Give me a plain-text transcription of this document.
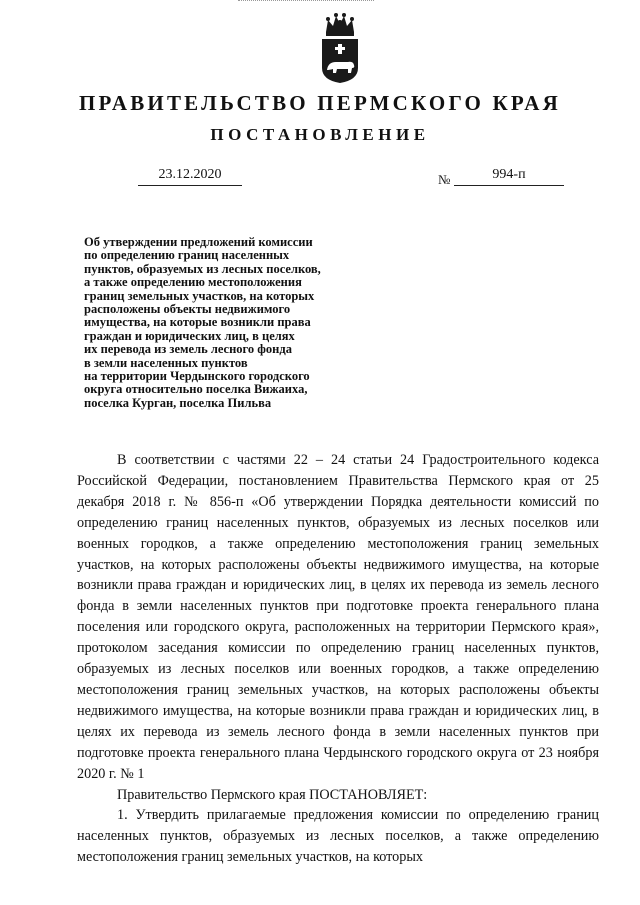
ПРАВИТЕЛЬСТВО ПЕРМСКОГО КРАЯ
ПОСТАНОВЛЕНИЕ
23.12.2020	№	994-п
Об утверждении предложений комиссии
по определению границ населенных
пунктов, образуемых из лесных поселков,
а также определению местоположения
границ земельных участков, на которых
расположены объекты недвижимого
имущества, на которые возникли права
граждан и юридических лиц, в целях
их перевода из земель лесного фонда
в земли населенных пунктов
на территории Чердынского городского
округа относительно поселка Вижаиха,
поселка Курган, поселка Пильва
В соответствии с частями 22 – 24 статьи 24 Градостроительного кодекса Российской Федерации, постановлением Правительства Пермского края от 25 декабря 2018 г. № 856-п «Об утверждении Порядка деятельности комиссий по определению границ населенных пунктов, образуемых из лесных поселков или военных городков, а также определению местоположения границ земельных участков, на которых расположены объекты недвижимого имущества, на которые возникли права граждан и юридических лиц, в целях их перевода из земель лесного фонда в земли населенных пунктов при подготовке проекта генерального плана поселения или городского округа, расположенных на территории Пермского края», протоколом заседания комиссии по определению границ населенных пунктов, образуемых из лесных поселков или военных городков, а также определению местоположения границ земельных участков, на которых расположены объекты недвижимого имущества, на которые возникли права граждан и юридических лиц, в целях их перевода из земель лесного фонда в земли населенных пунктов при подготовке проекта генерального плана Чердынского городского округа от 23 ноября 2020 г. № 1
Правительство Пермского края ПОСТАНОВЛЯЕТ:
1. Утвердить прилагаемые предложения комиссии по определению границ населенных пунктов, образуемых из лесных поселков, а также определению местоположения границ земельных участков, на которых
